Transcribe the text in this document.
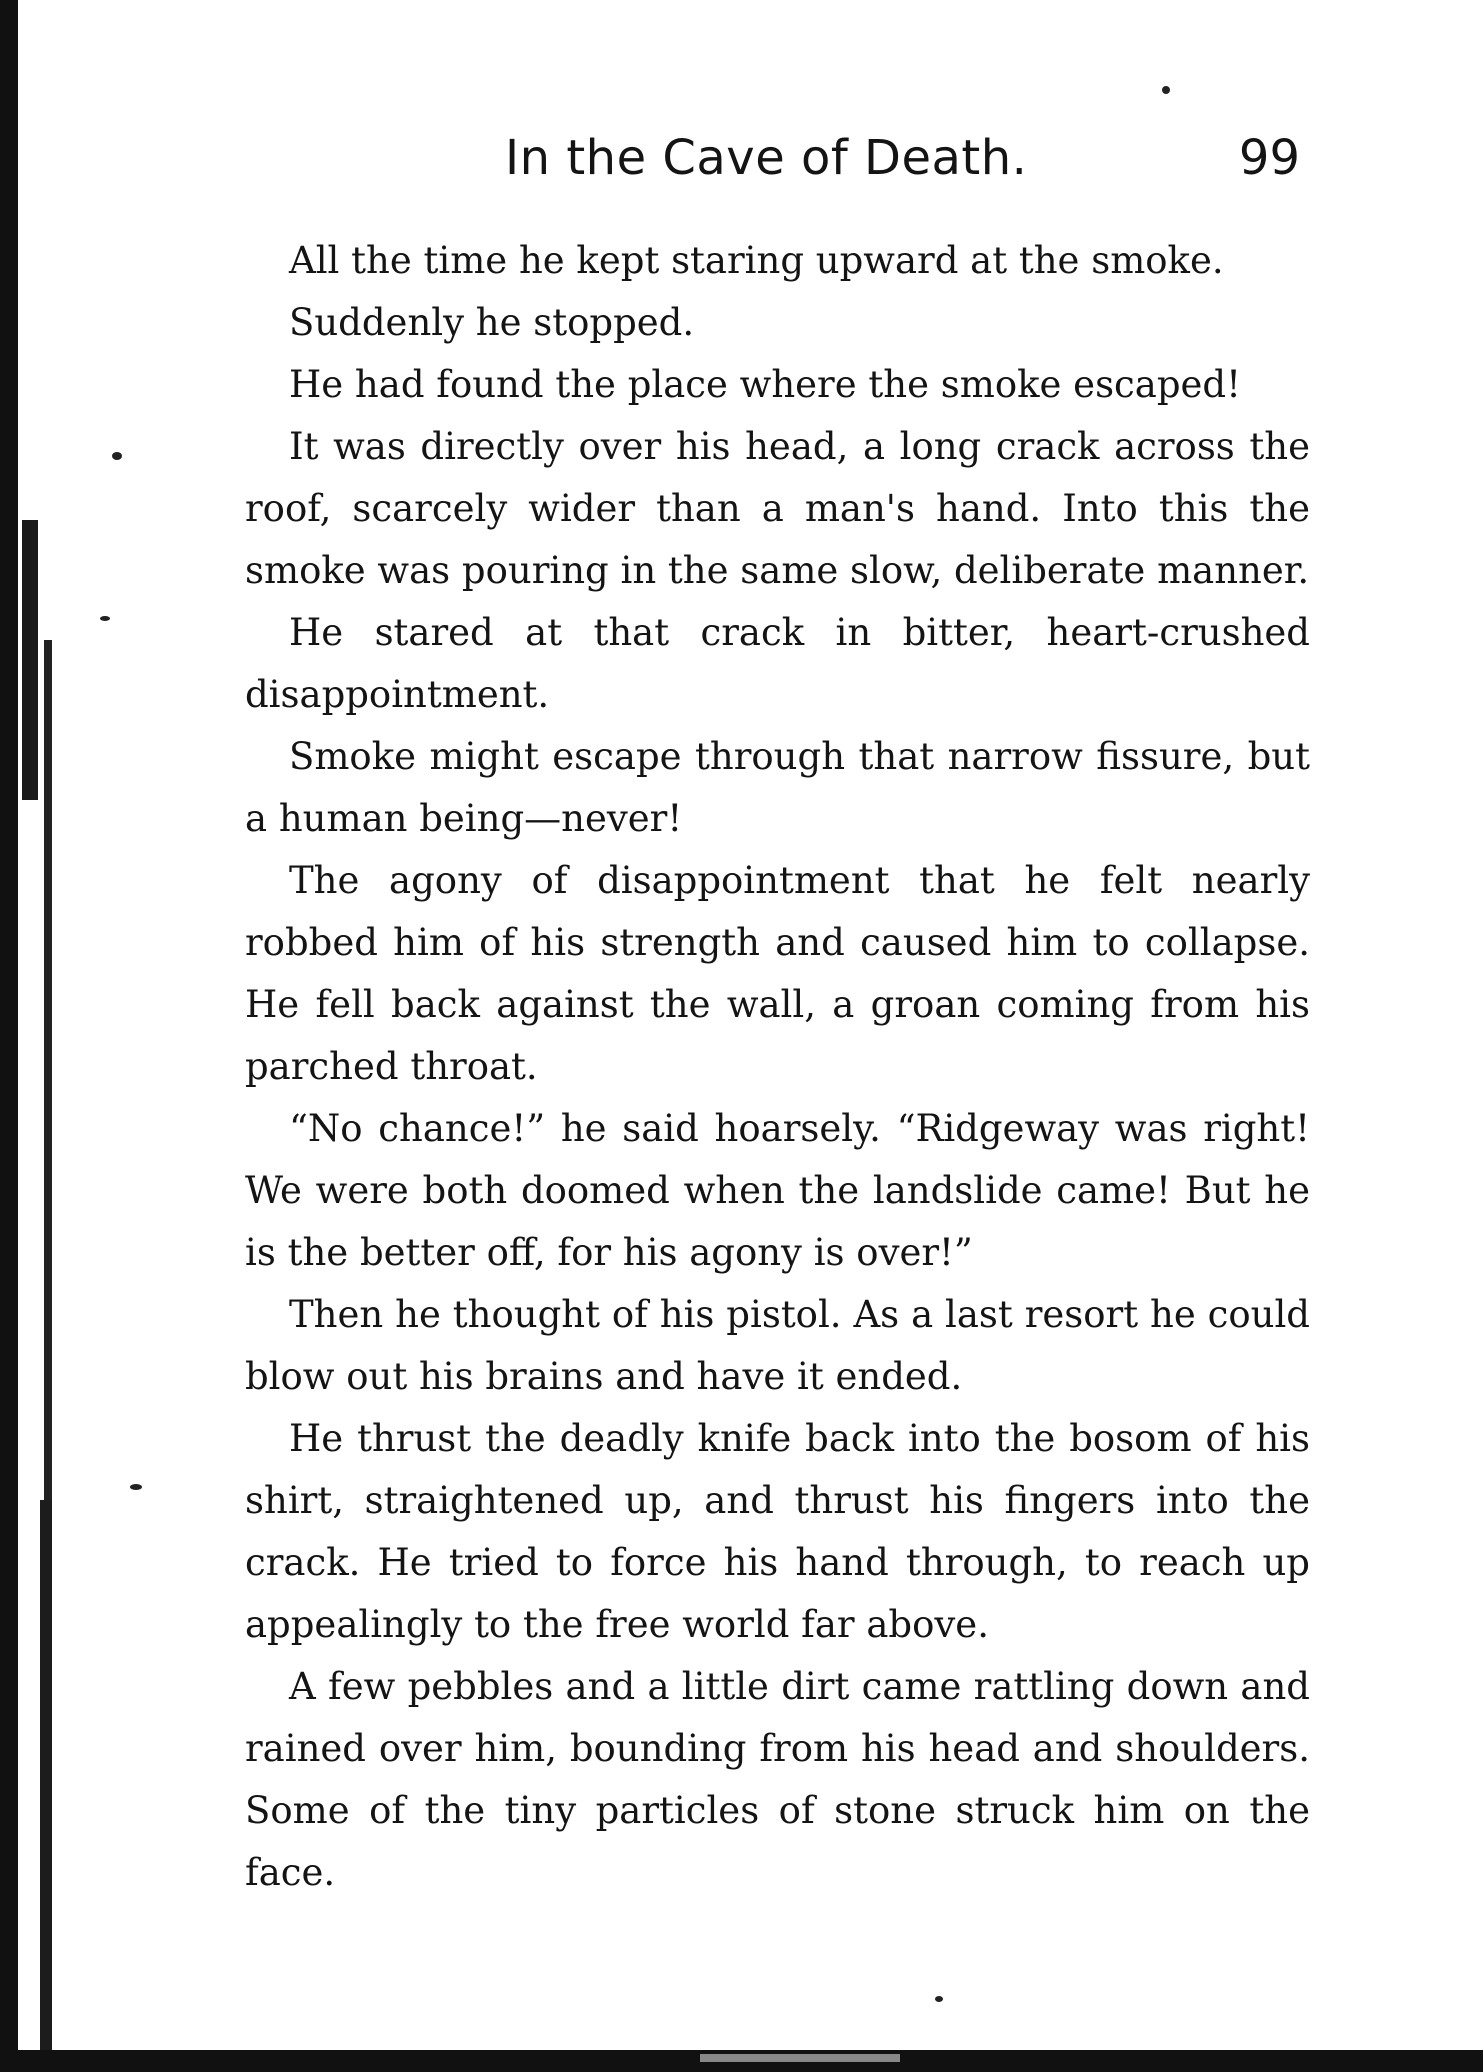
In the Cave of Death.	99

All the time he kept staring upward at the smoke.

Suddenly he stopped.

He had found the place where the smoke escaped!

It was directly over his head, a long crack across the roof, scarcely wider than a man's hand. Into this the smoke was pouring in the same slow, deliberate manner.

He stared at that crack in bitter, heart-crushed disappointment.

Smoke might escape through that narrow fissure, but a human being—never!

The agony of disappointment that he felt nearly robbed him of his strength and caused him to collapse. He fell back against the wall, a groan coming from his parched throat.

“No chance!” he said hoarsely. “Ridgeway was right! We were both doomed when the landslide came! But he is the better off, for his agony is over!”

Then he thought of his pistol. As a last resort he could blow out his brains and have it ended.

He thrust the deadly knife back into the bosom of his shirt, straightened up, and thrust his fingers into the crack. He tried to force his hand through, to reach up appealingly to the free world far above.

A few pebbles and a little dirt came rattling down and rained over him, bounding from his head and shoulders. Some of the tiny particles of stone struck him on the face.
